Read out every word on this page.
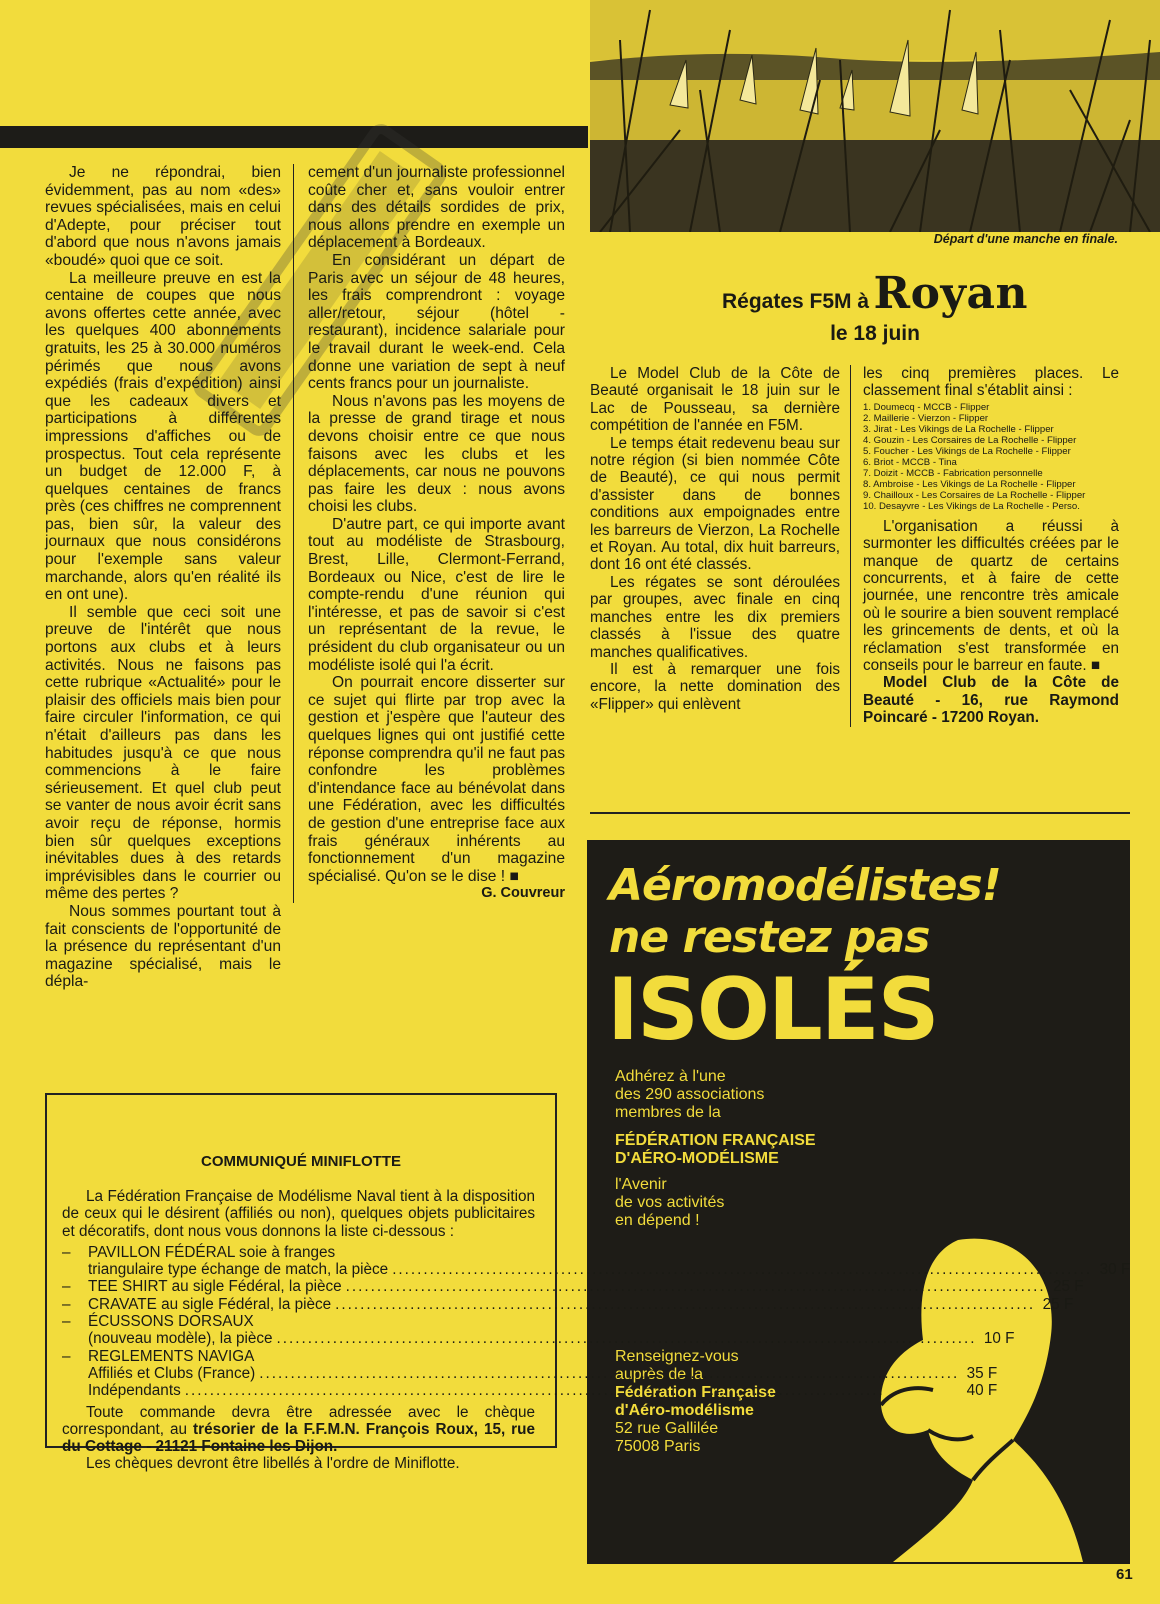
Départ d'une manche en finale.

Je ne répondrai, bien évidemment, pas au nom «des» revues spécialisées, mais en celui d'Adepte, pour préciser tout d'abord que nous n'avons jamais «boudé» quoi que ce soit.

La meilleure preuve en est la centaine de coupes que nous avons offertes cette année, avec les quelques 400 abonnements gratuits, les 25 à 30.000 numéros périmés que nous avons expédiés (frais d'expédition) ainsi que les cadeaux divers et participations à différentes impressions d'affiches ou de prospectus. Tout cela représente un budget de 12.000 F, à quelques centaines de francs près (ces chiffres ne comprennent pas, bien sûr, la valeur des journaux que nous considérons pour l'exemple sans valeur marchande, alors qu'en réalité ils en ont une).

Il semble que ceci soit une preuve de l'intérêt que nous portons aux clubs et à leurs activités. Nous ne faisons pas cette rubrique «Actualité» pour le plaisir des officiels mais bien pour faire circuler l'information, ce qui n'était d'ailleurs pas dans les habitudes jusqu'à ce que nous commencions à le faire sérieusement. Et quel club peut se vanter de nous avoir écrit sans avoir reçu de réponse, hormis bien sûr quelques exceptions inévitables dues à des retards imprévisibles dans le courrier ou même des pertes ?

Nous sommes pourtant tout à fait conscients de l'opportunité de la présence du représentant d'un magazine spécialisé, mais le dépla-

cement d'un journaliste professionnel coûte cher et, sans vouloir entrer dans des détails sordides de prix, nous allons prendre en exemple un déplacement à Bordeaux.

En considérant un départ de Paris avec un séjour de 48 heures, les frais comprendront : voyage aller/retour, séjour (hôtel - restaurant), incidence salariale pour le travail durant le week-end. Cela donne une variation de sept à neuf cents francs pour un journaliste.

Nous n'avons pas les moyens de la presse de grand tirage et nous devons choisir entre ce que nous faisons avec les clubs et les déplacements, car nous ne pouvons pas faire les deux : nous avons choisi les clubs.

D'autre part, ce qui importe avant tout au modéliste de Strasbourg, Brest, Lille, Clermont-Ferrand, Bordeaux ou Nice, c'est de lire le compte-rendu d'une réunion qui l'intéresse, et pas de savoir si c'est un représentant de la revue, le président du club organisateur ou un modéliste isolé qui l'a écrit.

On pourrait encore disserter sur ce sujet qui flirte par trop avec la gestion et j'espère que l'auteur des quelques lignes qui ont justifié cette réponse comprendra qu'il ne faut pas confondre les problèmes d'intendance face au bénévolat dans une Fédération, avec les difficultés de gestion d'une entreprise face aux frais généraux inhérents au fonctionnement d'un magazine spécialisé. Qu'on se le dise ! ■

G. Couvreur
Régates F5M à Royan
le 18 juin

Le Model Club de la Côte de Beauté organisait le 18 juin sur le Lac de Pousseau, sa dernière compétition de l'année en F5M.

Le temps était redevenu beau sur notre région (si bien nommée Côte de Beauté), ce qui nous permit d'assister dans de bonnes conditions aux empoignades entre les barreurs de Vierzon, La Rochelle et Royan. Au total, dix huit barreurs, dont 16 ont été classés.

Les régates se sont déroulées par groupes, avec finale en cinq manches entre les dix premiers classés à l'issue des quatre manches qualificatives.

Il est à remarquer une fois encore, la nette domination des «Flipper» qui enlèvent

les cinq premières places. Le classement final s'établit ainsi :

1. Doumecq - MCCB - Flipper
2. Maillerie - Vierzon - Flipper
3. Jirat - Les Vikings de La Rochelle - Flipper
4. Gouzin - Les Corsaires de La Rochelle - Flipper
5. Foucher - Les Vikings de La Rochelle - Flipper
6. Briot - MCCB - Tina
7. Doizit - MCCB - Fabrication personnelle
8. Ambroise - Les Vikings de La Rochelle - Flipper
9. Chailloux - Les Corsaires de La Rochelle - Flipper
10. Desayvre - Les Vikings de La Rochelle - Perso.

L'organisation a réussi à surmonter les difficultés créées par le manque de quartz de certains concurrents, et à faire de cette journée, une rencontre très amicale où le sourire a bien souvent remplacé les grincements de dents, et où la réclamation s'est transformée en conseils pour le barreur en faute. ■

Model Club de la Côte de Beauté - 16, rue Raymond Poincaré - 17200 Royan.

Aéromodélistes!
ne restez pas
ISOLÉS
Adhérez à l'une
des 290 associations
membres de la
FÉDÉRATION FRANÇAISE
D'AÉRO-MODÉLISME
l'Avenir
de vos activités
en dépend !
Renseignez-vous
auprès de la
Fédération Française
d'Aéro-modélisme
52 rue Gallilée
75008 Paris
COMMUNIQUÉ MINIFLOTTE

La Fédération Française de Modélisme Naval tient à la disposition de ceux qui le désirent (affiliés ou non), quelques objets publicitaires et décoratifs, dont nous vous donnons la liste ci-dessous :

–	PAVILLON FÉDÉRAL soie à franges
triangulaire type échange de match, la pièce .....	30 F
–	TEE SHIRT au sigle Fédéral, la pièce .....	25 F
–	CRAVATE au sigle Fédéral, la pièce .....	25 F
–	ÉCUSSONS DORSAUX
(nouveau modèle), la pièce .....	10 F
–	REGLEMENTS NAVIGA
Affiliés et Clubs (France) .....	35 F
Indépendants .....	40 F

Toute commande devra être adressée avec le chèque correspondant, au trésorier de la F.F.M.N. François Roux, 15, rue du Cottage - 21121 Fontaine les Dijon.

Les chèques devront être libellés à l'ordre de Miniflotte.

61
